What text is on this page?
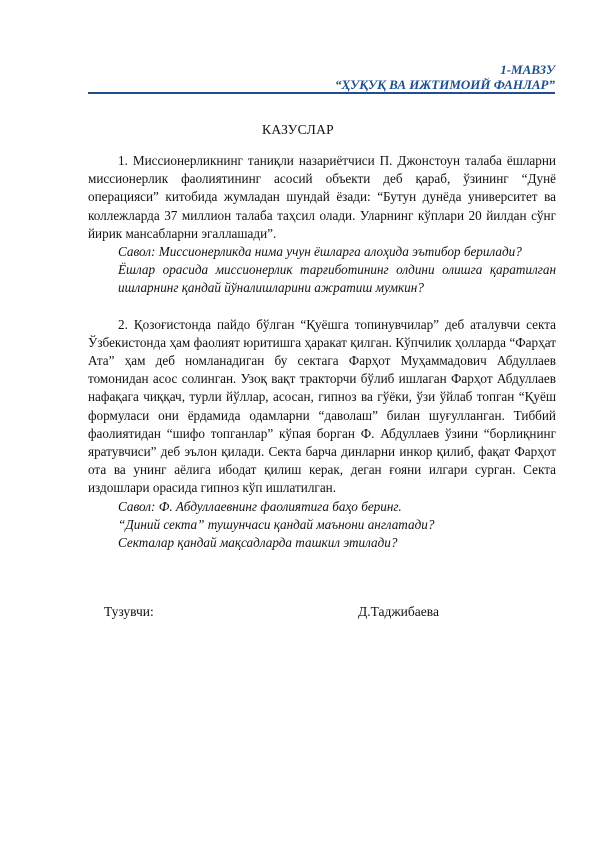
1-МАВЗУ
“ҲУҚУҚ ВА ИЖТИМОИЙ ФАНЛАР”
КАЗУСЛАР

1. Миссионерликнинг таниқли назариётчиси П. Джонстоун талаба ёшларни миссионерлик фаолиятининг асосий объекти деб қараб, ўзининг “Дунё операцияси” китобида жумладан шундай ёзади: “Бутун дунёда университет ва коллежларда 37 миллион талаба таҳсил олади. Уларнинг кўплари 20 йилдан сўнг йирик мансабларни эгаллашади”.

Савол: Миссионерликда нима учун ёшларга алоҳида эътибор берилади?

Ёшлар орасида миссионерлик тарғиботининг олдини олишга қаратилган ишларнинг қандай йўналишларини ажратиш мумкин?

2. Қозоғистонда пайдо бўлган “Қуёшга топинувчилар” деб аталувчи секта Ўзбекистонда ҳам фаолият юритишга ҳаракат қилган. Кўпчилик ҳолларда “Фарҳат Ата” ҳам деб номланадиган бу сектага Фарҳот Муҳаммадович Абдуллаев томонидан асос солинган. Узоқ вақт тракторчи бўлиб ишлаган Фарҳот Абдуллаев нафақага чиққач, турли йўллар, асосан, гипноз ва гўёки, ўзи ўйлаб топган “Қуёш формуласи они ёрдамида одамларни “даволаш” билан шуғулланган. Тиббий фаолиятидан “шифо топганлар” кўпая борган Ф. Абдуллаев ўзини “борлиқнинг яратувчиси” деб эълон қилади. Секта барча динларни инкор қилиб, фақат Фарҳот ота ва унинг аёлига ибодат қилиш керак, деган ғояни илгари сурган. Секта издошлари орасида гипноз кўп ишлатилган.

Савол: Ф. Абдуллаевнинг фаолиятига баҳо беринг.

“Диний секта” тушунчаси қандай маънони англатади?

Секталар қандай мақсадларда ташкил этилади?

Тузувчи:	Д.Таджибаева
